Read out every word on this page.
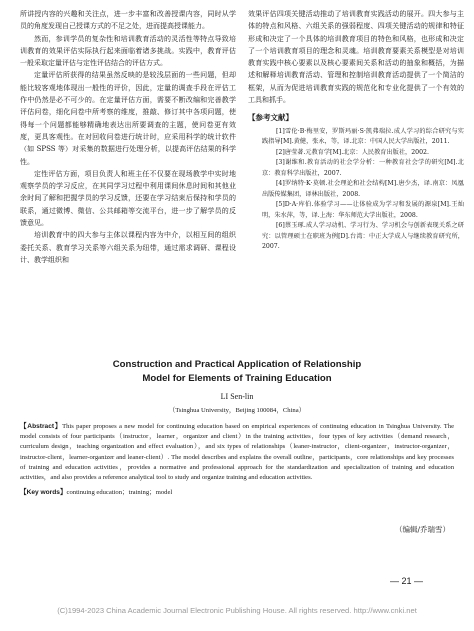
所讲授内容的兴趣和关注点，进一步丰富和改善授课内容，同时从学员的角度发现自己授课方式的不足之处，进而提高授课能力。

然而，参训学员的复杂性和培训教育活动的灵活性等特点导致培训教育的效果评估实际执行起来面临着诸多挑战。实践中，教育评估一般采取定量评估与定性评估结合的评估方式。

定量评估所获得的结果虽然反映的是较浅层面的一些问题，但却能比较客观地体现出一般性的评价，因此，定量的调查手段在评估工作中仍然是必不可少的。在定量评估方面，需要不断改编和完善教学评估问卷，细化问卷中所考察的维度，推敲、修订其中各项问题，使得每一个问题都能够精确地表达出所要调查的主题，使问卷更有效度，更具客观性。在对回收问卷进行统计时，应采用科学的统计软件（如 SPSS 等）对采集的数据进行处理分析，以提高评估结果的科学性。

定性评估方面，项目负责人和班主任不仅要在现场教学中实时地观察学员的学习反应，在其同学习过程中利用课间休息时间和其他业余时间了解和把握学员的学习反馈，还要在学习结束后保持和学员的联系，通过微博、微信、公共邮箱等交流平台，进一步了解学员的反馈意见。

培训教育中的四大参与主体以课程内容为中介，以相互间的组织委托关系、教育学习关系等六组关系为纽带，通过需求调研、课程设计、教学组织和

效果评估四项关键活动推动了培训教育实践活动的展开。四大参与主体的特点和风格、六组关系的强弱程度、四项关键活动的规律和特征形成和决定了一个具体的培训教育项目的特色和风格，也形成和决定了一个培训教育项目的理念和灵魂。培训教育要素关系模型是对培训教育实践中核心要素以及核心要素间关系和活动的抽象和概括，为描述和解释培训教育活动、管理和控制培训教育活动提供了一个简洁的框架，从而为促进培训教育实践的规范化和专业化提供了一个有效的工具和抓手。

【参考文献】

[1]雪伦·B·梅里安，罗斯玛丽·S·凯弗瑞拉.成人学习的综合研究与实践指导[M].黄健，张永，等，译.北京：中国人民大学出版社，2011.

[2]唐莹著.元教育学[M].北京：人民教育出版社，2002.

[3]谢维和.教育活动的社会学分析：一种教育社会学的研究[M].北京：教育科学出版社，2007.

[4]罗纳特·K·莫顿.社会理论和社会结构[M].唐少杰，译.南京：凤凰出版传媒集团，译林出版社，2008.

[5]D·A·库伯.体验学习——让体验成为学习和发展的源泉[M].王灿明，朱水萍，等，译.上海：华东师范大学出版社，2008.

[6]蔡玉琢.成人学习动机、学习行为、学习机会与创新表现关系之研究：以管理硕士在职班为例[D].台湾：中正大学成人与继续教育研究所，2007.

Construction and Practical Application of Relationship

Model for Elements of Training Education

LI Sen-lin
（Tsinghua University，Beijing 100084，China）
【Abstract】This paper proposes a new model for continuing education based on empirical experiences of continuing education in Tsinghua University. The model consists of four participants（instructor，learner，organizer and client）in the training activities，four types of key activities（demand research，curriculum design，teaching organization and effect evaluation），and six types of relationships（leaner-instructor，client-organizer，instructor-organizer，instructor-client，learner-organizer and leaner-client）. The model describes and explains the overall outline，participants，core relationships and key processes of training and education activities，provides a normative and professional approach for the standardization and specialization of training and education activities，and also provides a reference analytical tool to study and organize training and education activities.
【Key words】continuing education；training；model
（编辑/乔瑞雪）
— 21 —
(C)1994-2023 China Academic Journal Electronic Publishing House. All rights reserved. http://www.cnki.net
